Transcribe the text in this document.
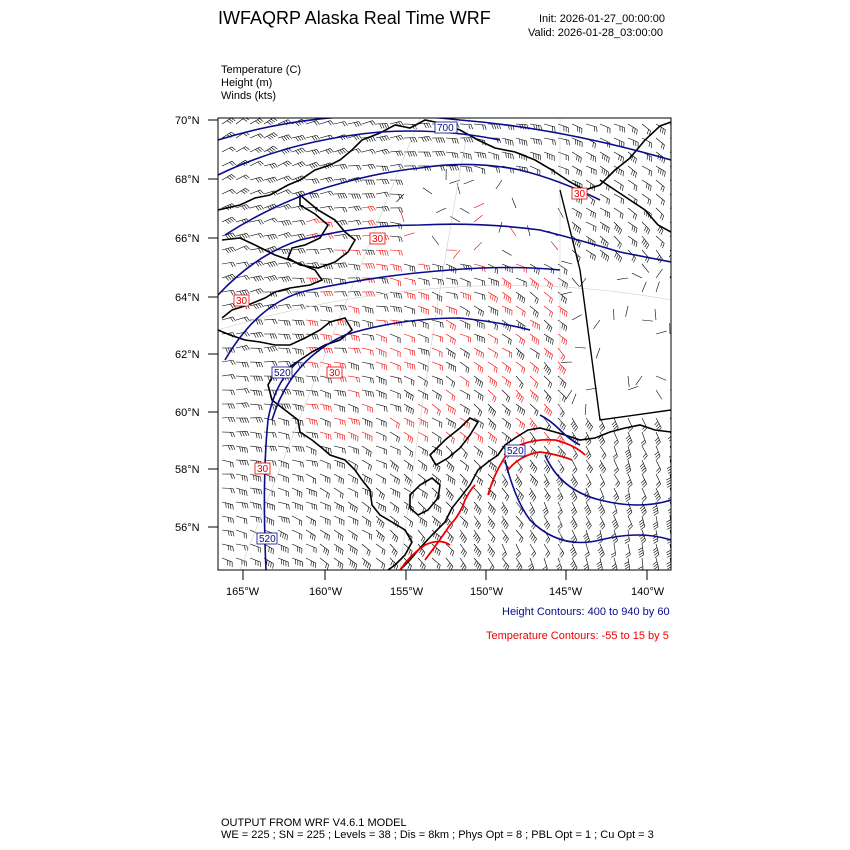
IWFAQRP Alaska Real Time WRF	Init: 2026-01-27_00:00:00
Valid: 2026-01-28_03:00:00
Temperature (C)
Height (m)
Winds (kts)
70°N
68°N
66°N
64°N
62°N
60°N
58°N
56°N
165°W	160°W	155°W	150°W	145°W	140°W
700
520
520
520
30
30
30
30
30
Height Contours: 400 to 940 by 60
Temperature Contours: -55 to 15 by 5
OUTPUT FROM WRF V4.6.1 MODEL
WE = 225 ; SN = 225 ; Levels = 38 ; Dis = 8km ; Phys Opt = 8 ; PBL Opt = 1 ; Cu Opt = 3
